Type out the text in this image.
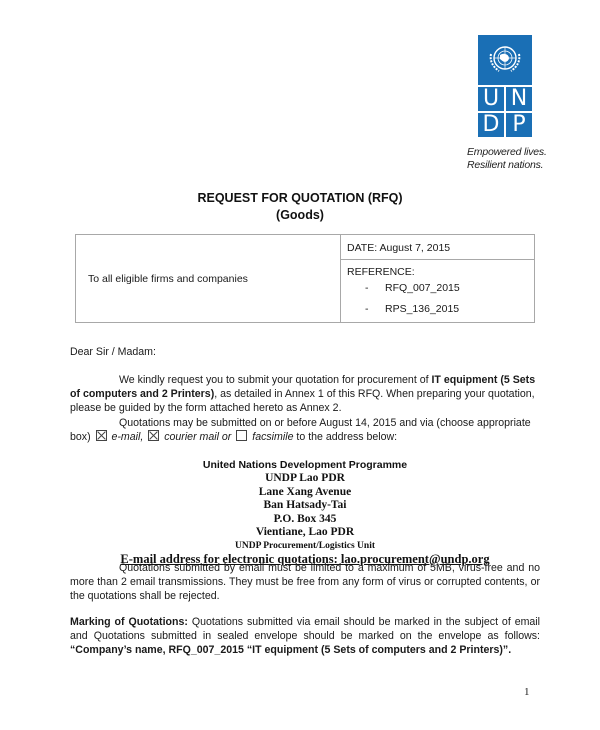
U N
D P
Empowered lives.
Resilient nations.
REQUEST FOR QUOTATION (RFQ)
(Goods)
To all eligible firms and companies
DATE: August 7, 2015
REFERENCE:
-	RFQ_007_2015
-	RPS_136_2015
Dear Sir / Madam:
We kindly request you to submit your quotation for procurement of IT equipment (5 Sets of computers and 2 Printers), as detailed in Annex 1 of this RFQ. When preparing your quotation, please be guided by the form attached hereto as Annex 2.
Quotations may be submitted on or before August 14, 2015 and via (choose appropriate box)  e-mail, courier mail or facsimile to the address below:
United Nations Development Programme
UNDP Lao PDR
Lane Xang Avenue
Ban Hatsady-Tai
P.O. Box 345
Vientiane, Lao PDR
UNDP Procurement/Logistics Unit
E-mail address for electronic quotations: lao.procurement@undp.org
Quotations submitted by email must be limited to a maximum of 5MB, virus-free and no more than 2 email transmissions. They must be free from any form of virus or corrupted contents, or the quotations shall be rejected.
Marking of Quotations: Quotations submitted via email should be marked in the subject of email and Quotations submitted in sealed envelope should be marked on the envelope as follows: “Company’s name, RFQ_007_2015 “IT equipment (5 Sets of computers and 2 Printers)”.
1
